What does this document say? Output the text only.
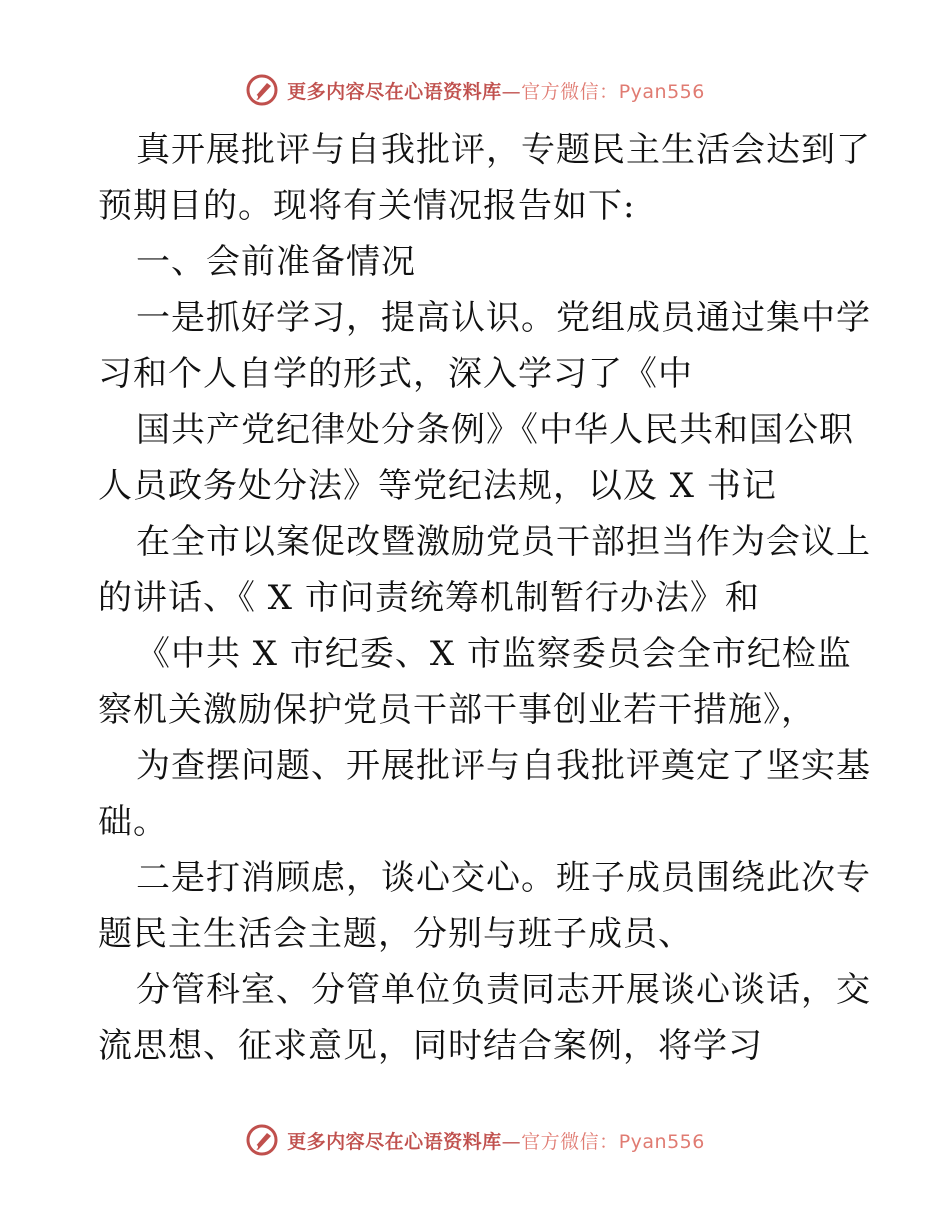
更多内容尽在心语资料库—官方微信：Pyan556
真开展批评与自我批评，专题民主生活会达到了
预期目的。现将有关情况报告如下:
一、会前准备情况
一是抓好学习，提高认识。党组成员通过集中学
习和个人自学的形式，深入学习了《中
国共产党纪律处分条例》《中华人民共和国公职
人员政务处分法》等党纪法规，以及 X 书记
在全市以案促改暨激励党员干部担当作为会议上
的讲话、《 X 市问责统筹机制暂行办法》和
《中共 X 市纪委、X 市监察委员会全市纪检监
察机关激励保护党员干部干事创业若干措施》，
为查摆问题、开展批评与自我批评奠定了坚实基
础。
二是打消顾虑，谈心交心。班子成员围绕此次专
题民主生活会主题，分别与班子成员、
分管科室、分管单位负责同志开展谈心谈话，交
流思想、征求意见，同时结合案例，将学习
更多内容尽在心语资料库—官方微信：Pyan556
